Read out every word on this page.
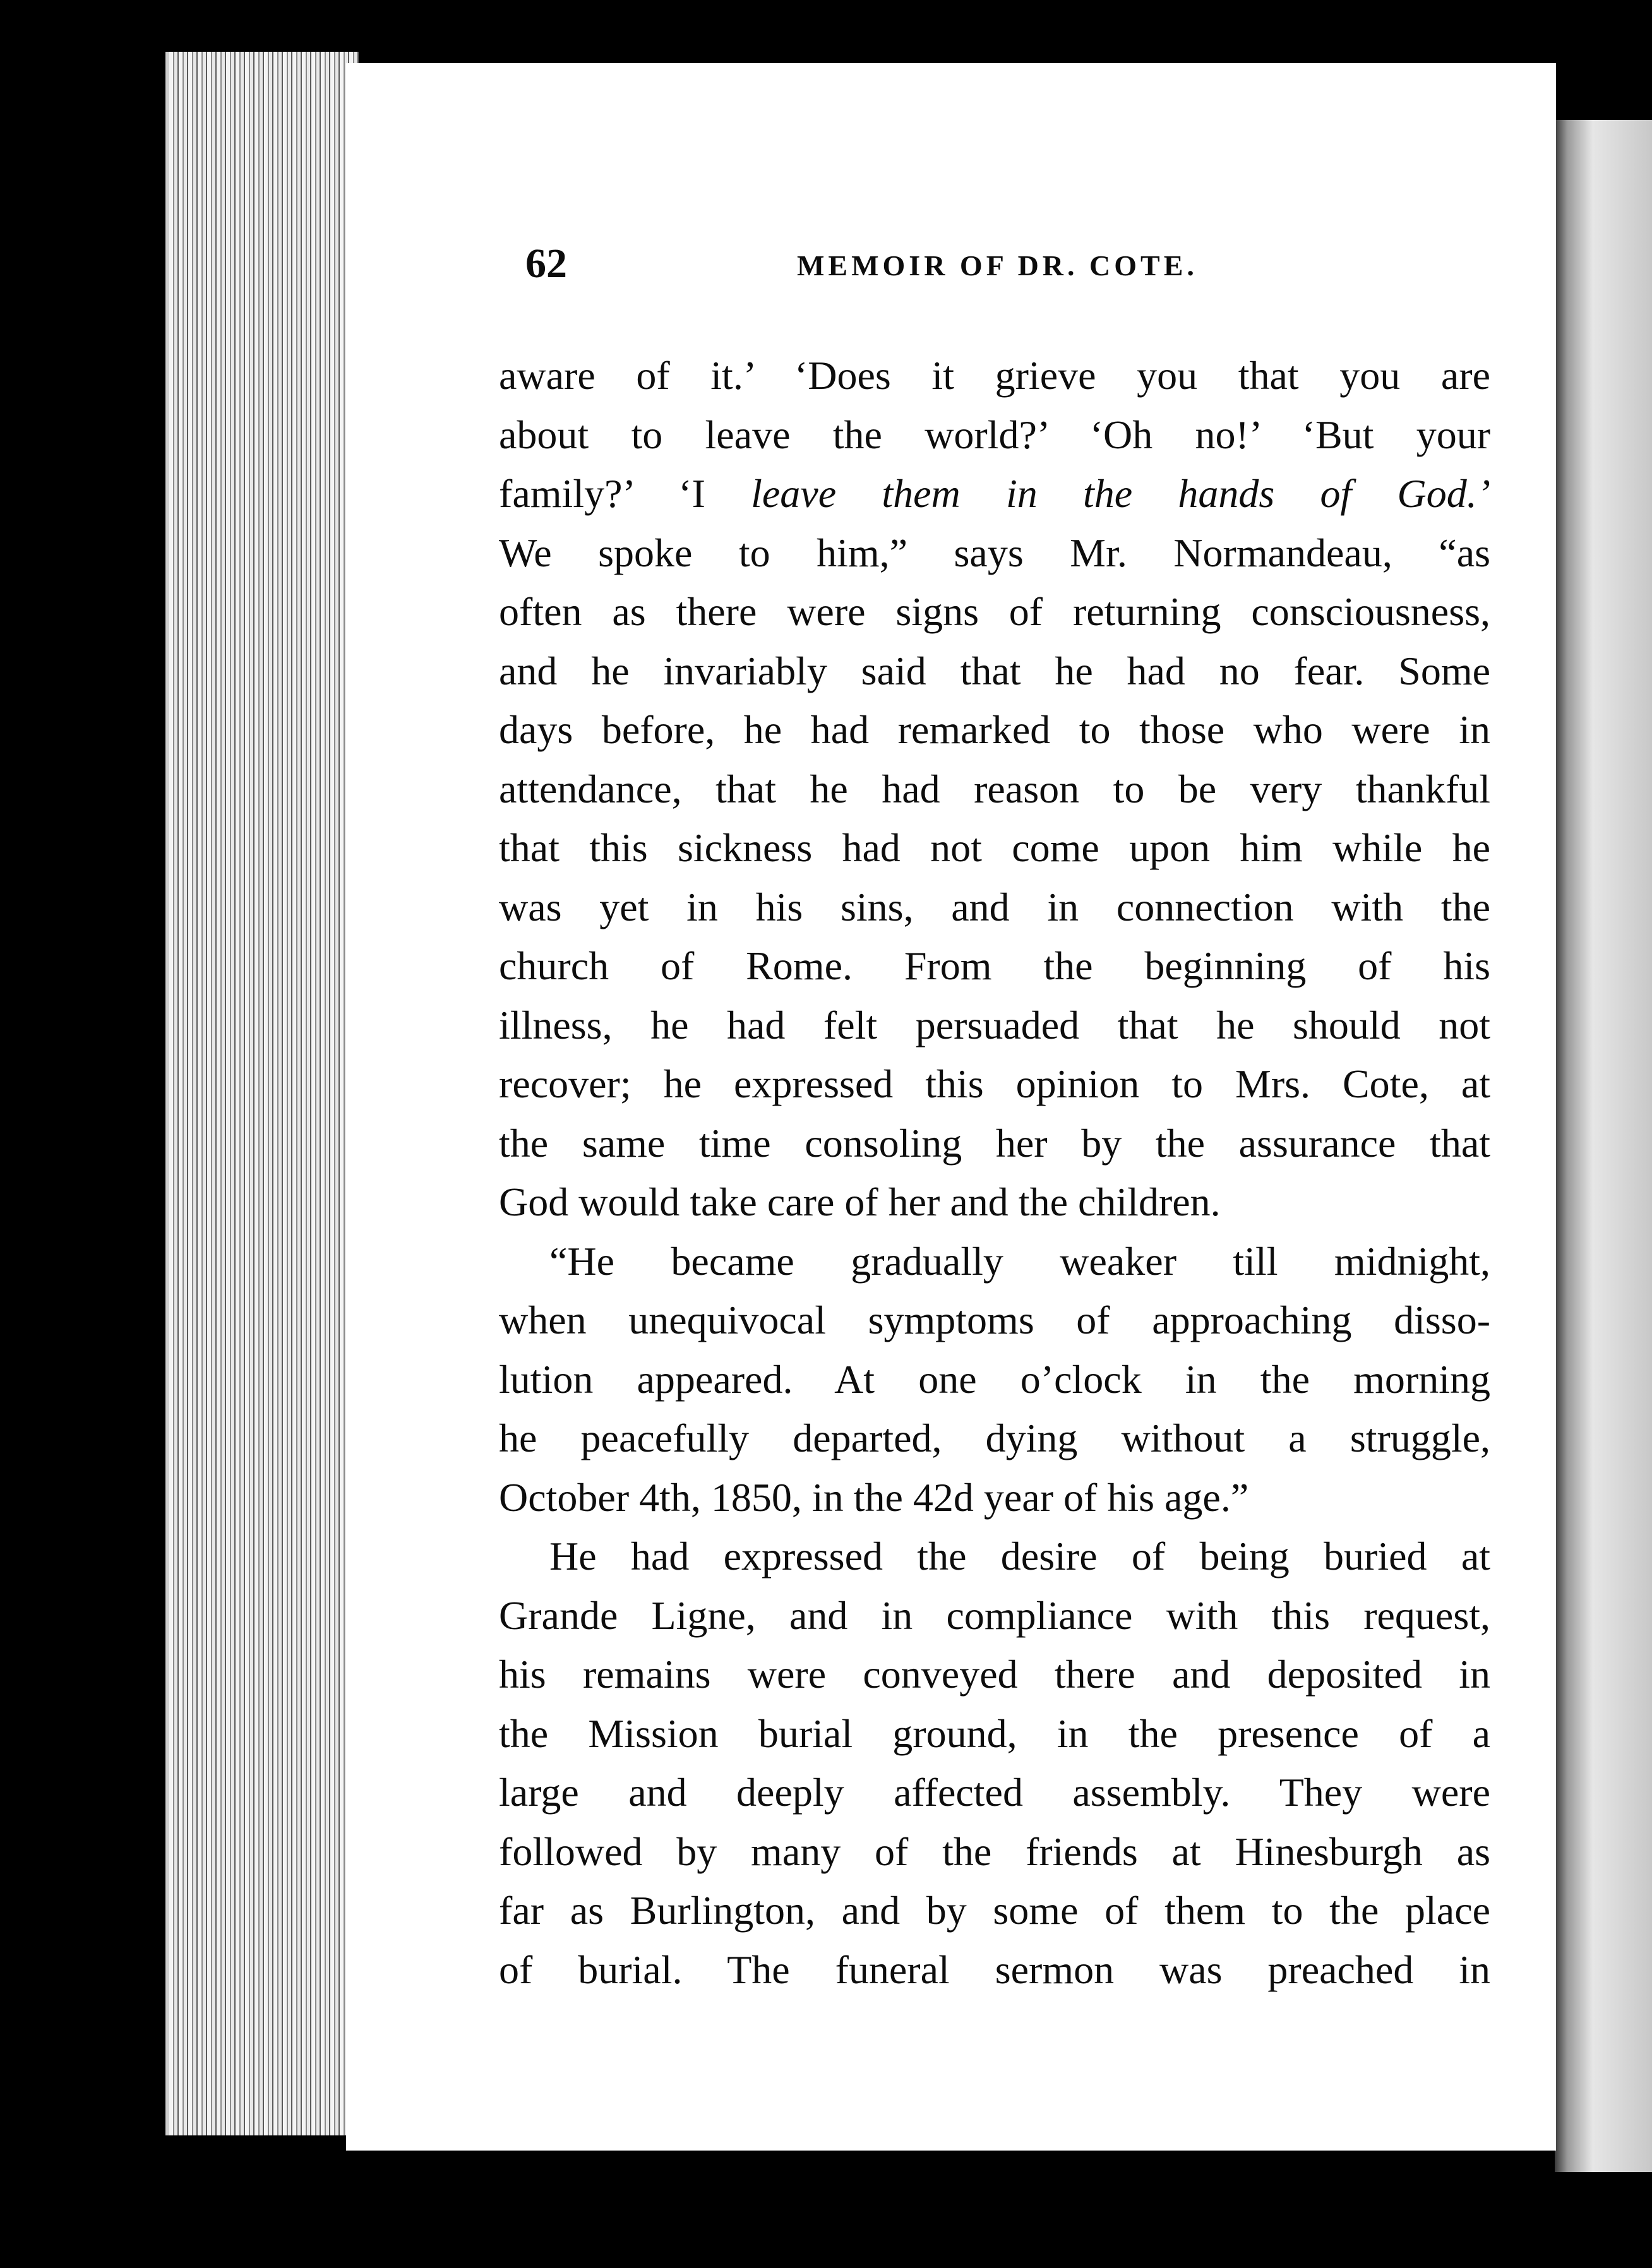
62	MEMOIR OF DR. COTE.
aware of it.’ ‘Does it grieve you that you are
about to leave the world?’ ‘Oh no!’ ‘But your
family?’ ‘I leave them in the hands of God.’
We spoke to him,” says Mr. Normandeau, “as
often as there were signs of returning consciousness,
and he invariably said that he had no fear. Some
days before, he had remarked to those who were in
attendance, that he had reason to be very thankful
that this sickness had not come upon him while he
was yet in his sins, and in connection with the
church of Rome. From the beginning of his
illness, he had felt persuaded that he should not
recover; he expressed this opinion to Mrs. Cote, at
the same time consoling her by the assurance that
God would take care of her and the children.
“He became gradually weaker till midnight,
when unequivocal symptoms of approaching disso-
lution appeared. At one o’clock in the morning
he peacefully departed, dying without a struggle,
October 4th, 1850, in the 42d year of his age.”
He had expressed the desire of being buried at
Grande Ligne, and in compliance with this request,
his remains were conveyed there and deposited in
the Mission burial ground, in the presence of a
large and deeply affected assembly. They were
followed by many of the friends at Hinesburgh as
far as Burlington, and by some of them to the place
of burial. The funeral sermon was preached in
